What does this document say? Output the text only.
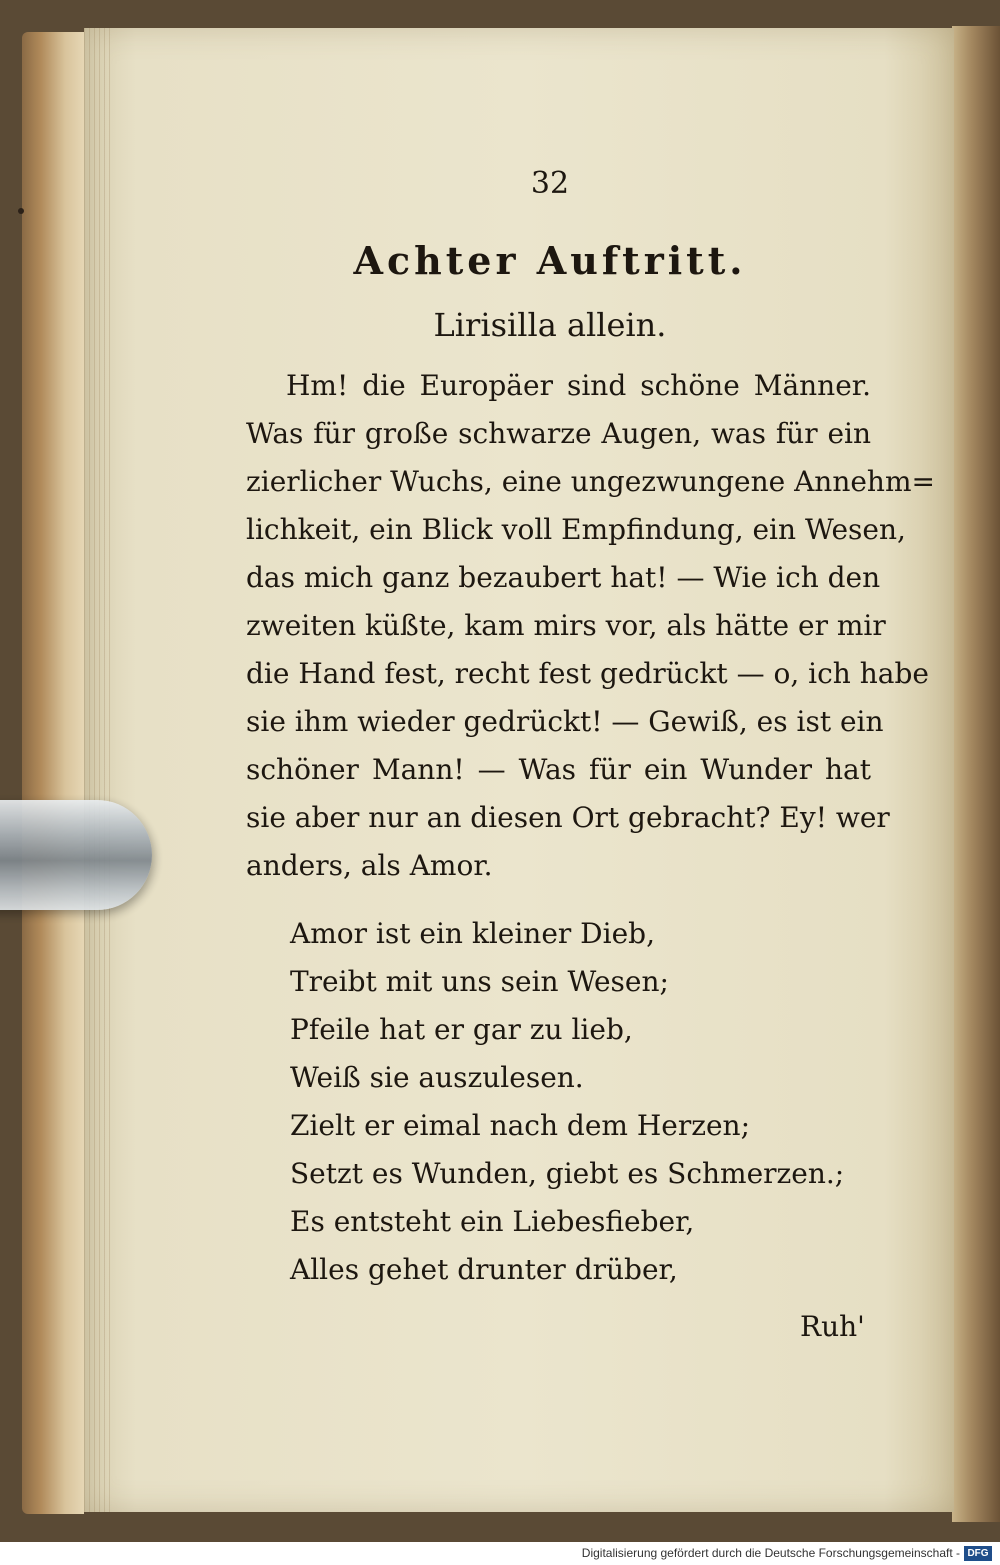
32
Achter Auftritt.
Lirisilla allein.
Hm! die Europäer sind schöne Männer.
Was für große schwarze Augen, was für ein
zierlicher Wuchs, eine ungezwungene Annehm=
lichkeit, ein Blick voll Empfindung, ein Wesen,
das mich ganz bezaubert hat! — Wie ich den
zweiten küßte, kam mirs vor, als hätte er mir
die Hand fest, recht fest gedrückt — o, ich habe
sie ihm wieder gedrückt! — Gewiß, es ist ein
schöner Mann! — Was für ein Wunder hat
sie aber nur an diesen Ort gebracht? Ey! wer
anders, als Amor.
Amor ist ein kleiner Dieb,
Treibt mit uns sein Wesen;
Pfeile hat er gar zu lieb,
Weiß sie auszulesen.
Zielt er eimal nach dem Herzen;
Setzt es Wunden, giebt es Schmerzen.;
Es entsteht ein Liebesfieber,
Alles gehet drunter drüber,
Ruh'
Digitalisierung gefördert durch die Deutsche Forschungsgemeinschaft - DFG
